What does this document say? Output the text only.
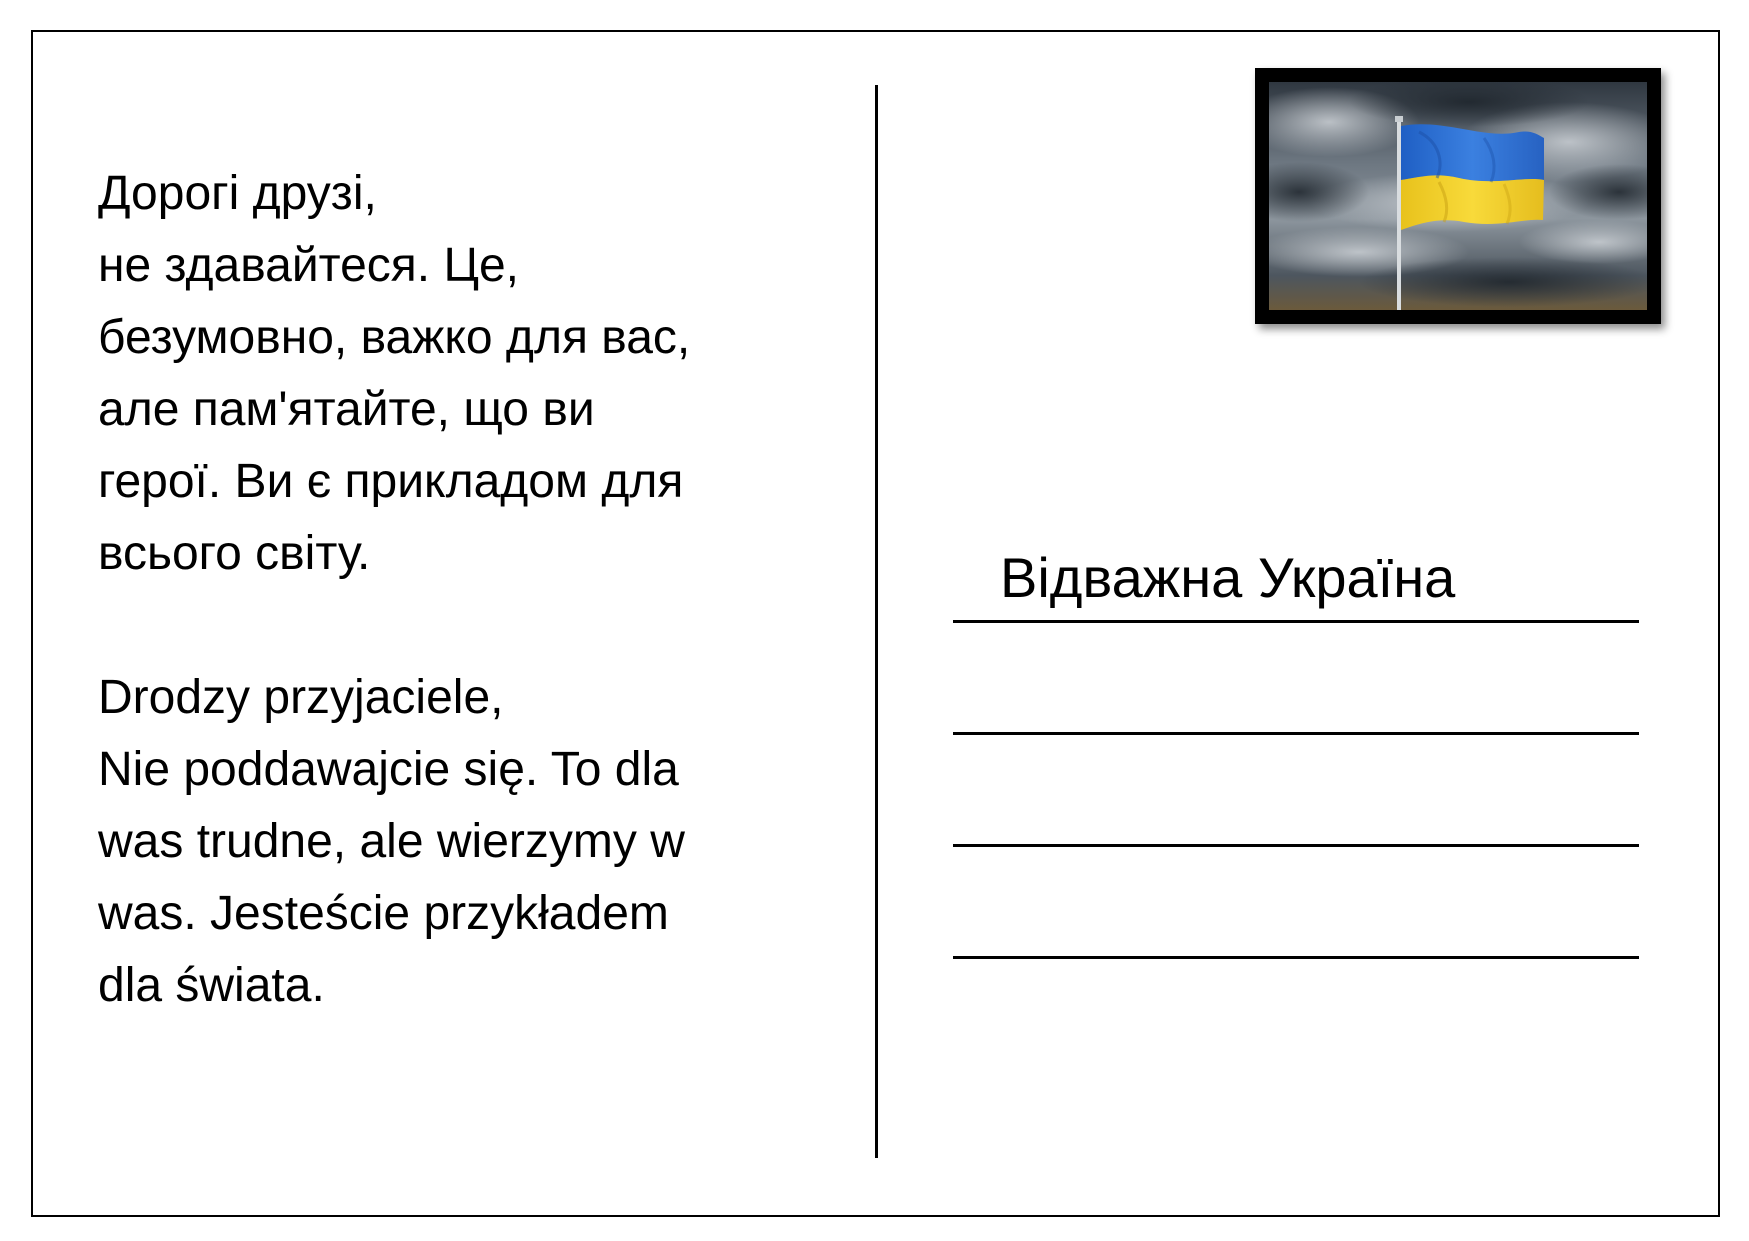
Дорогі друзі,
не здавайтеся. Це,
безумовно, важко для вас,
але пам'ятайте, що ви
герої. Ви є прикладом для
всього світу.
Drodzy przyjaciele,
Nie poddawajcie się. To dla
was trudne, ale wierzymy w
was. Jesteście przykładem
dla świata.
Відважна Україна
